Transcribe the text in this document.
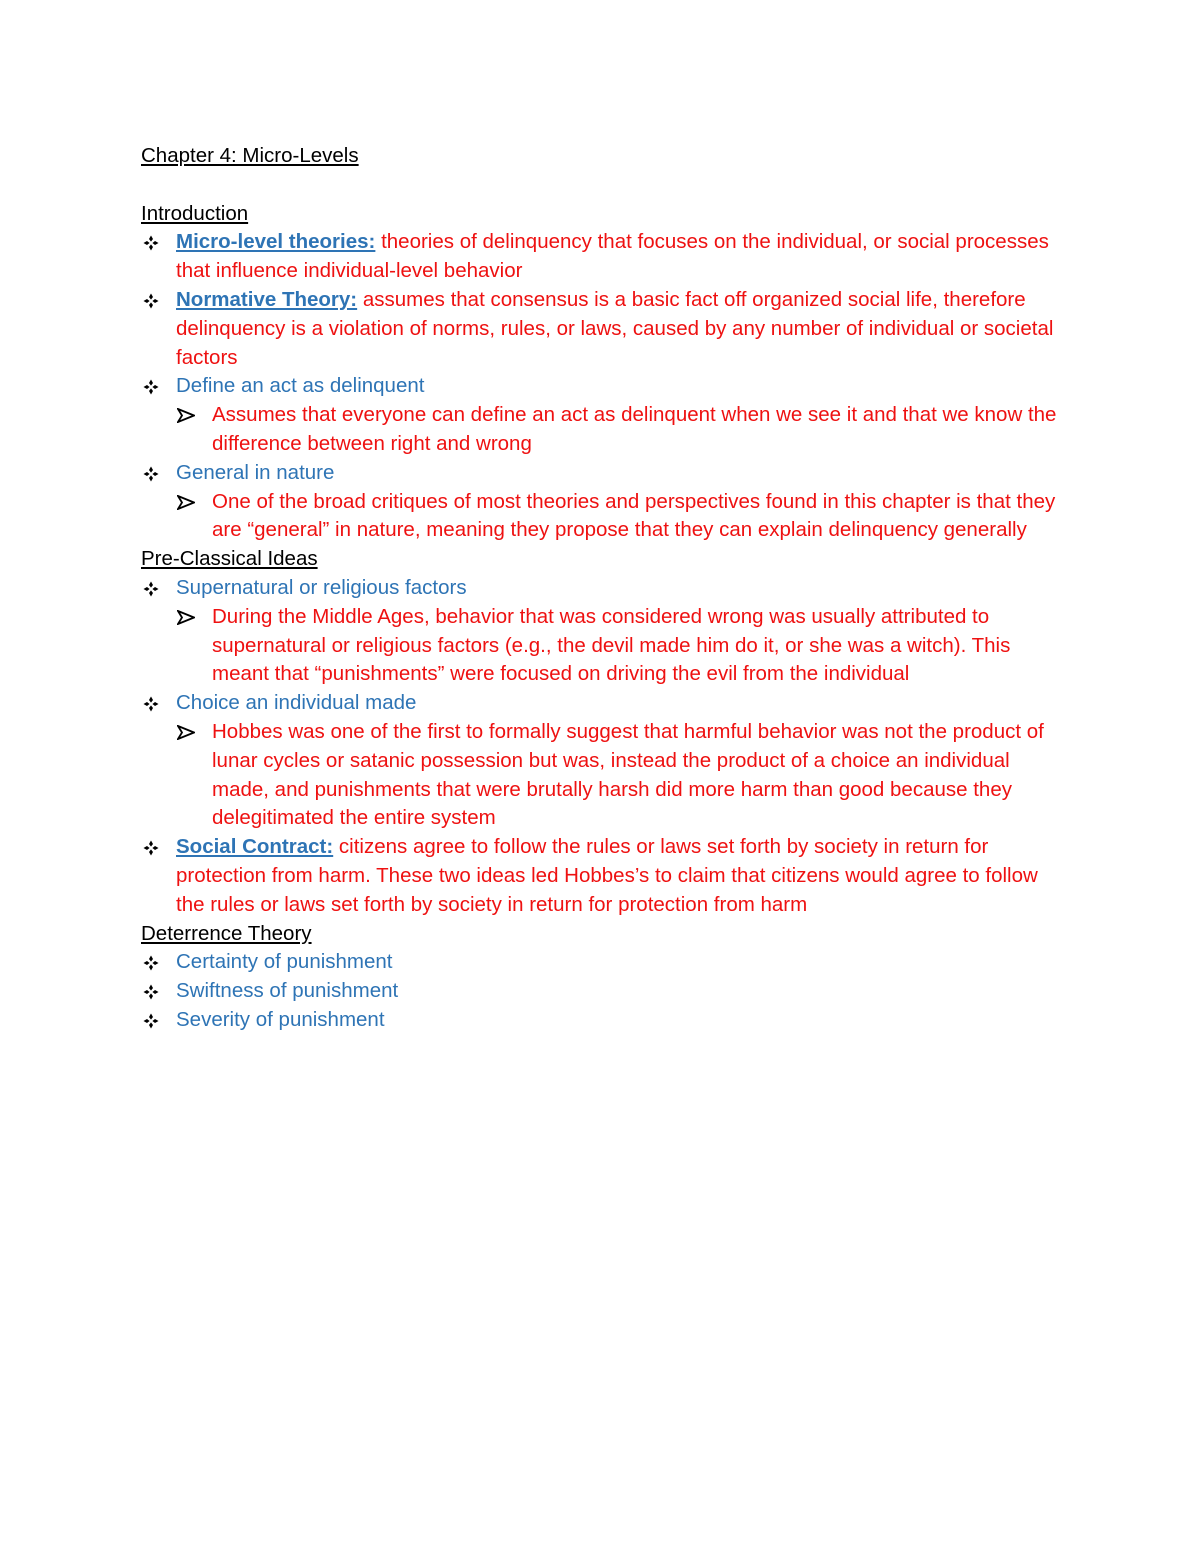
Chapter 4: Micro-Levels
Introduction
Micro-level theories: theories of delinquency that focuses on the individual, or social processes that influence individual-level behavior
Normative Theory: assumes that consensus is a basic fact off organized social life, therefore delinquency is a violation of norms, rules, or laws, caused by any number of individual or societal factors
Define an act as delinquent
Assumes that everyone can define an act as delinquent when we see it and that we know the difference between right and wrong
General in nature
One of the broad critiques of most theories and perspectives found in this chapter is that they are “general” in nature, meaning they propose that they can explain delinquency generally
Pre-Classical Ideas
Supernatural or religious factors
During the Middle Ages, behavior that was considered wrong was usually attributed to supernatural or religious factors (e.g., the devil made him do it, or she was a witch). This meant that “punishments” were focused on driving the evil from the individual
Choice an individual made
Hobbes was one of the first to formally suggest that harmful behavior was not the product of lunar cycles or satanic possession but was, instead the product of a choice an individual made, and punishments that were brutally harsh did more harm than good because they delegitimated the entire system
Social Contract: citizens agree to follow the rules or laws set forth by society in return for protection from harm. These two ideas led Hobbes’s to claim that citizens would agree to follow the rules or laws set forth by society in return for protection from harm
Deterrence Theory
Certainty of punishment
Swiftness of punishment
Severity of punishment
